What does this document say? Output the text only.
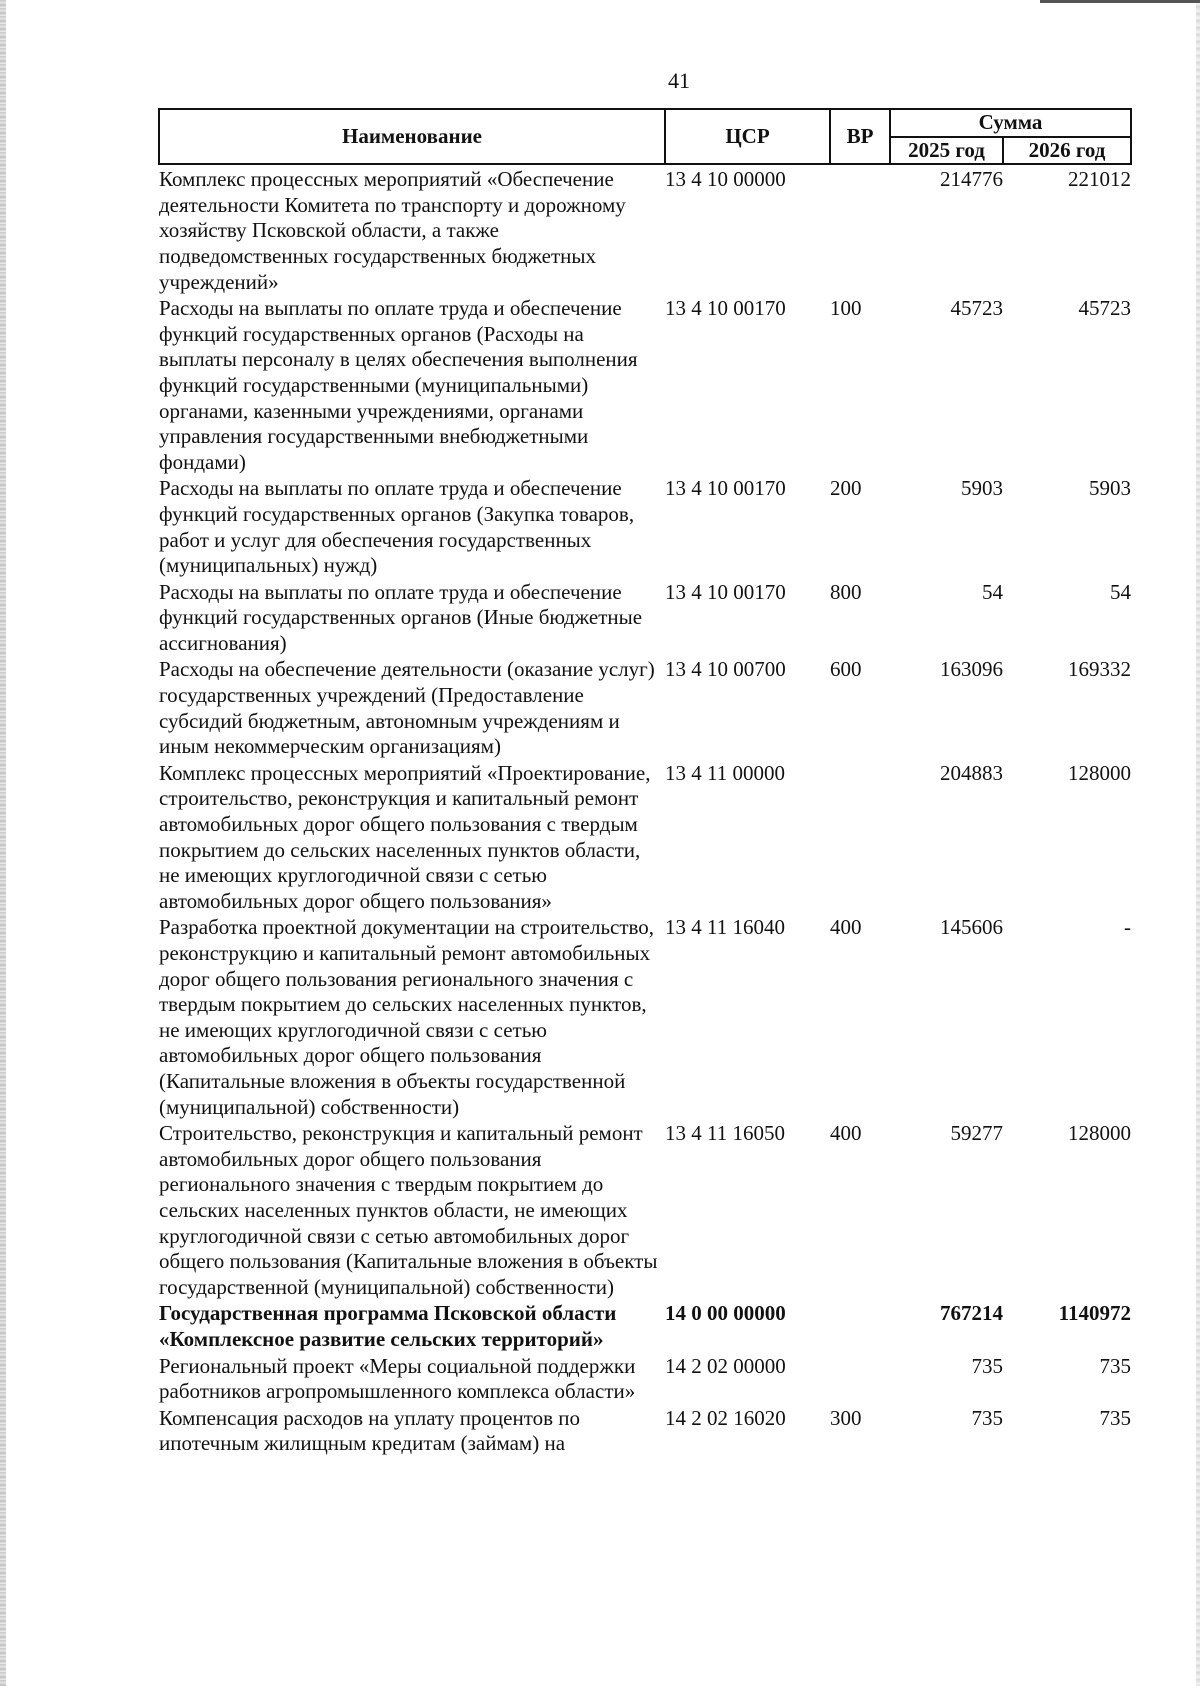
41
Наименование	ЦСР	ВР	Сумма	
			2025 год	2026 год
Комплекс процессных мероприятий «Обеспечение деятельности Комитета по транспорту и дорожному хозяйству Псковской области, а также подведомственных государственных бюджетных учреждений»	13 4 10 00000		214776	221012
Расходы на выплаты по оплате труда и обеспечение функций государственных органов (Расходы на выплаты персоналу в целях обеспечения выполнения функций государственными (муниципальными) органами, казенными учреждениями, органами управления государственными внебюджетными фондами)	13 4 10 00170	100	45723	45723
Расходы на выплаты по оплате труда и обеспечение функций государственных органов (Закупка товаров, работ и услуг для обеспечения государственных (муниципальных) нужд)	13 4 10 00170	200	5903	5903
Расходы на выплаты по оплате труда и обеспечение функций государственных органов (Иные бюджетные ассигнования)	13 4 10 00170	800	54	54
Расходы на обеспечение деятельности (оказание услуг) государственных учреждений (Предоставление субсидий бюджетным, автономным учреждениям и иным некоммерческим организациям)	13 4 10 00700	600	163096	169332
Комплекс процессных мероприятий «Проектирование, строительство, реконструкция и капитальный ремонт автомобильных дорог общего пользования с твердым покрытием до сельских населенных пунктов области, не имеющих круглогодичной связи с сетью автомобильных дорог общего пользования»	13 4 11 00000		204883	128000
Разработка проектной документации на строительство, реконструкцию и капитальный ремонт автомобильных дорог общего пользования регионального значения с твердым покрытием до сельских населенных пунктов, не имеющих круглогодичной связи с сетью автомобильных дорог общего пользования (Капитальные вложения в объекты государственной (муниципальной) собственности)	13 4 11 16040	400	145606	-
Строительство, реконструкция и капитальный ремонт автомобильных дорог общего пользования регионального значения с твердым покрытием до сельских населенных пунктов области, не имеющих круглогодичной связи с сетью автомобильных дорог общего пользования (Капитальные вложения в объекты государственной (муниципальной) собственности)	13 4 11 16050	400	59277	128000
Государственная программа Псковской области «Комплексное развитие сельских территорий»	14 0 00 00000		767214	1140972
Региональный проект «Меры социальной поддержки работников агропромышленного комплекса области»	14 2 02 00000		735	735
Компенсация расходов на уплату процентов по ипотечным жилищным кредитам (займам) на	14 2 02 16020	300	735	735
